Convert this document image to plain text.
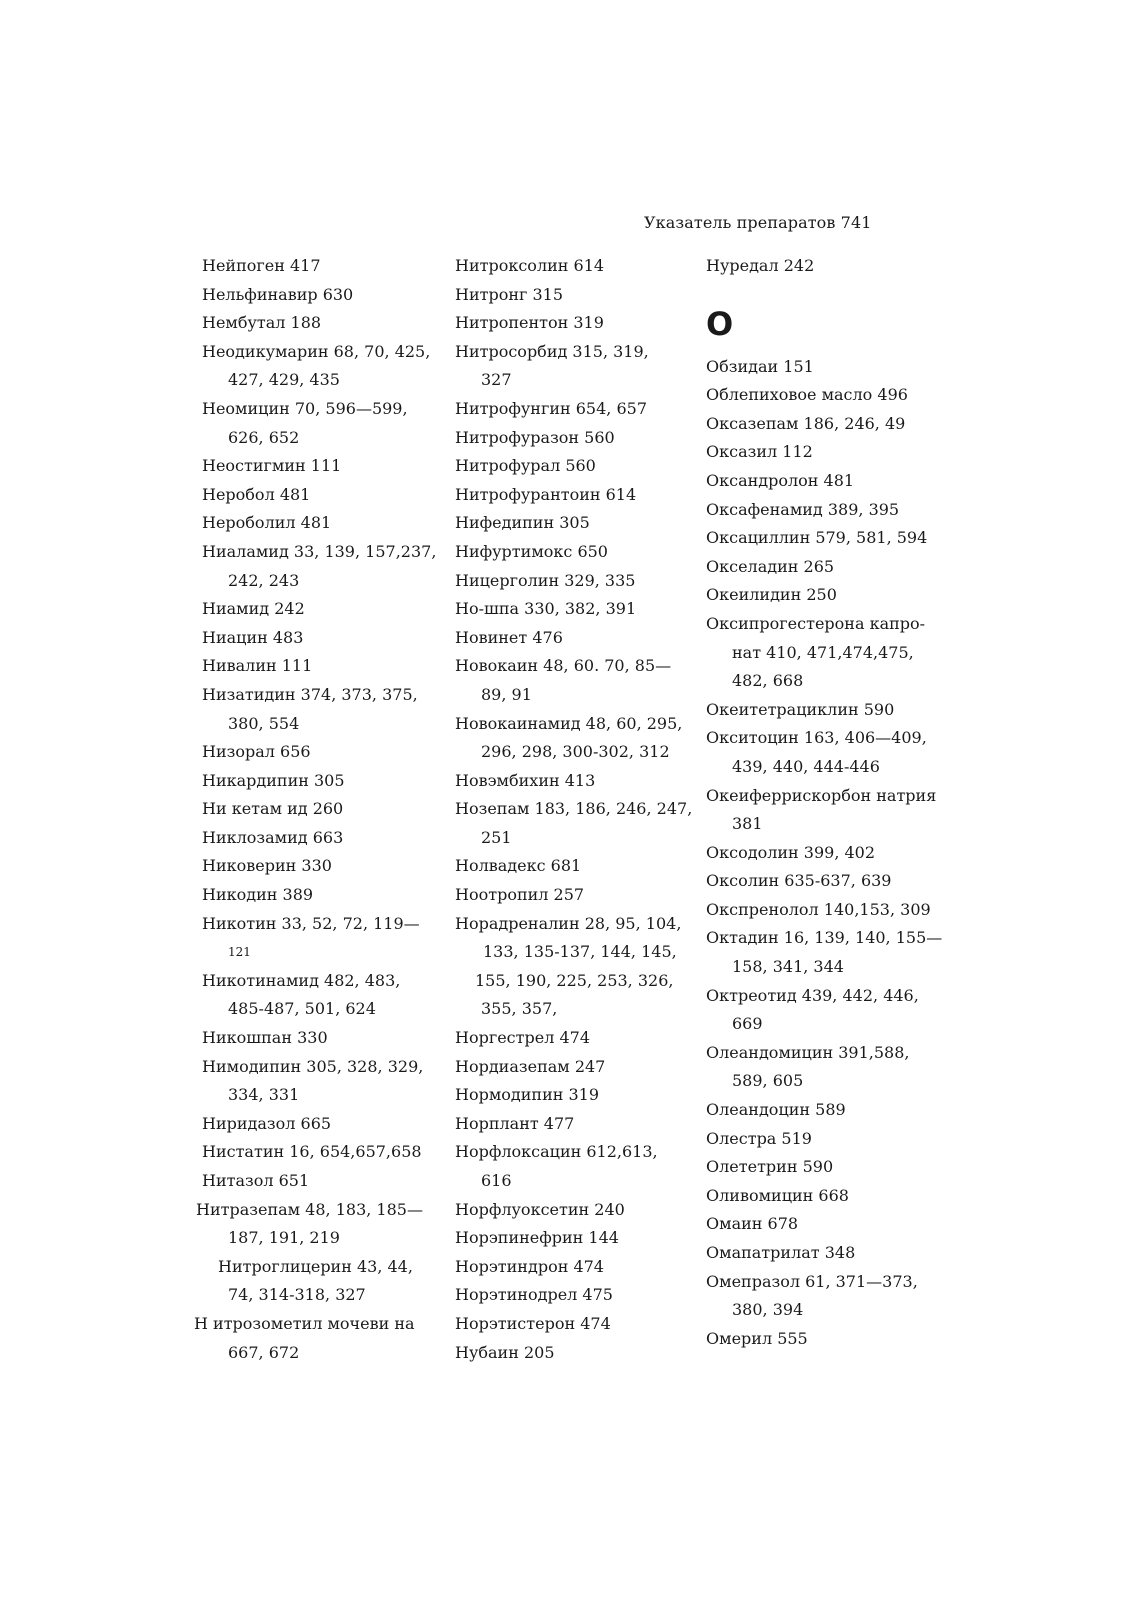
Указатель препаратов 741
Нейпоген 417
Нельфинавир 630
Нембутал 188
Неодикумарин 68, 70, 425,
427, 429, 435
Неомицин 70, 596—599,
626, 652
Неостигмин 111
Неробол 481
Нероболил 481
Ниаламид 33, 139, 157,237,
242, 243
Ниамид 242
Ниацин 483
Нивалин 111
Низатидин 374, 373, 375,
380, 554
Низорал 656
Никардипин 305
Ни кетам ид 260
Никлозамид 663
Никоверин 330
Никодин 389
Никотин 33, 52, 72, 119—
121
Никотинамид 482, 483,
485-487, 501, 624
Никошпан 330
Нимодипин 305, 328, 329,
334, 331
Ниридазол 665
Нистатин 16, 654,657,658
Нитазол 651
Нитразепам 48, 183, 185—
187, 191, 219
Нитроглицерин 43, 44,
74, 314-318, 327
Н итрозометил мочеви на
667, 672
Нитроксолин 614
Нитронг 315
Нитропентон 319
Нитросорбид 315, 319,
327
Нитрофунгин 654, 657
Нитрофуразон 560
Нитрофурал 560
Нитрофурантоин 614
Нифедипин 305
Нифуртимокс 650
Ницерголин 329, 335
Но-шпа 330, 382, 391
Новинет 476
Новокаин 48, 60. 70, 85—
89, 91
Новокаинамид 48, 60, 295,
296, 298, 300-302, 312
Новэмбихин 413
Нозепам 183, 186, 246, 247,
251
Нолвадекс 681
Ноотропил 257
Норадреналин 28, 95, 104,
133, 135-137, 144, 145,
155, 190, 225, 253, 326,
355, 357,
Норгестрел 474
Нордиазепам 247
Нормодипин 319
Норплант 477
Норфлоксацин 612,613,
616
Норфлуоксетин 240
Норэпинефрин 144
Норэтиндрон 474
Норэтинодрел 475
Норэтистерон 474
Нубаин 205
Нуредал 242
О
Обзидаи 151
Облепиховое масло 496
Оксазепам 186, 246, 49
Оксазил 112
Оксандролон 481
Оксафенамид 389, 395
Оксациллин 579, 581, 594
Окселадин 265
Океилидин 250
Оксипрогестерона капро-
нат 410, 471,474,475,
482, 668
Океитетрациклин 590
Окситоцин 163, 406—409,
439, 440, 444-446
Океиферрискорбон натрия
381
Оксодолин 399, 402
Оксолин 635-637, 639
Окспренолол 140,153, 309
Октадин 16, 139, 140, 155—
158, 341, 344
Октреотид 439, 442, 446,
669
Олеандомицин 391,588,
589, 605
Олеандоцин 589
Олестра 519
Олететрин 590
Оливомицин 668
Омаин 678
Омапатрилат 348
Омепразол 61, 371—373,
380, 394
Омерил 555
